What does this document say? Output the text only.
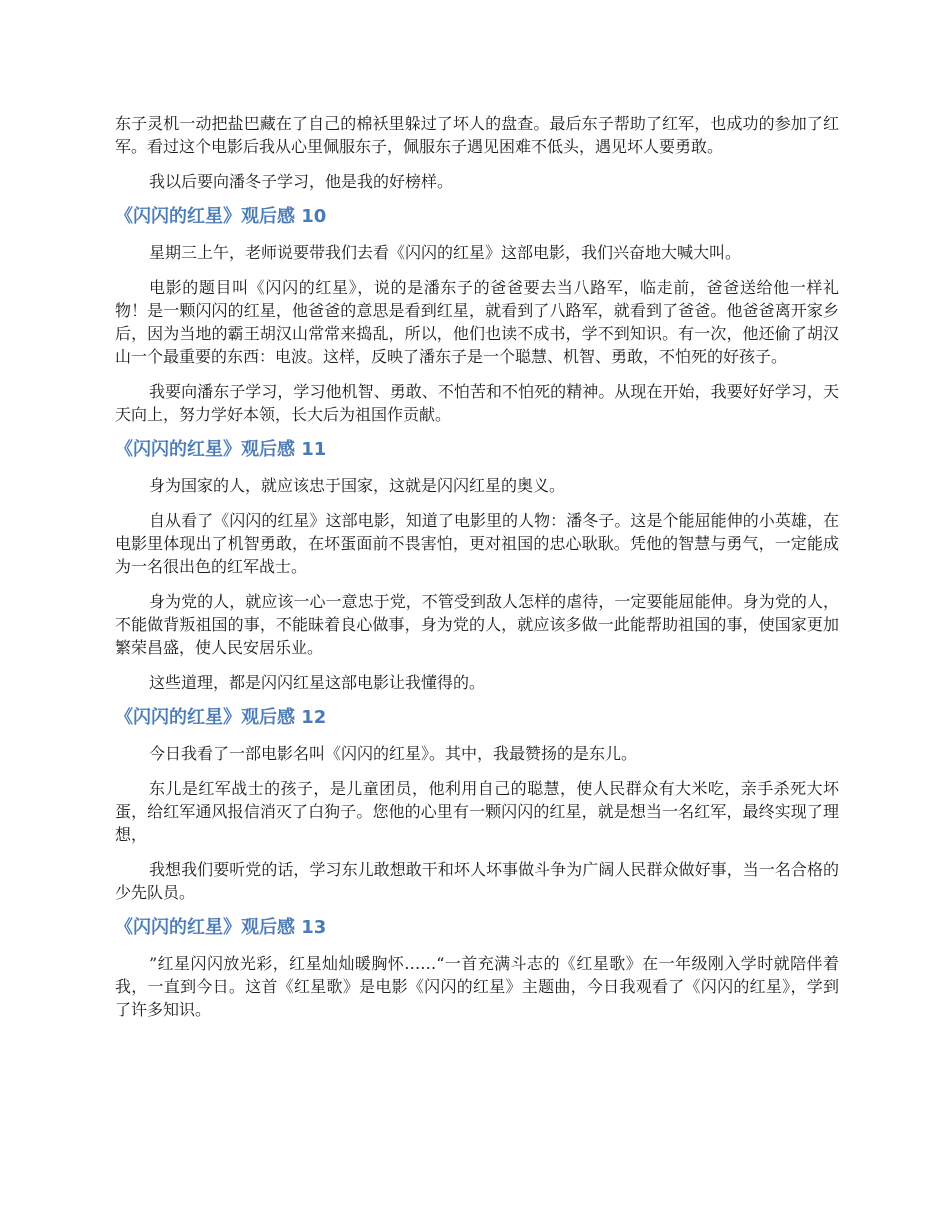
东子灵机一动把盐巴藏在了自己的棉袄里躲过了坏人的盘查。最后东子帮助了红军，也成功的参加了红军。看过这个电影后我从心里佩服东子，佩服东子遇见困难不低头，遇见坏人要勇敢。

我以后要向潘冬子学习，他是我的好榜样。

《闪闪的红星》观后感 10

星期三上午，老师说要带我们去看《闪闪的红星》这部电影，我们兴奋地大喊大叫。

电影的题目叫《闪闪的红星》，说的是潘东子的爸爸要去当八路军，临走前，爸爸送给他一样礼物！是一颗闪闪的红星，他爸爸的意思是看到红星，就看到了八路军，就看到了爸爸。他爸爸离开家乡后，因为当地的霸王胡汉山常常来捣乱，所以，他们也读不成书，学不到知识。有一次，他还偷了胡汉山一个最重要的东西：电波。这样，反映了潘东子是一个聪慧、机智、勇敢，不怕死的好孩子。

我要向潘东子学习，学习他机智、勇敢、不怕苦和不怕死的精神。从现在开始，我要好好学习，天天向上，努力学好本领，长大后为祖国作贡献。

《闪闪的红星》观后感 11

身为国家的人，就应该忠于国家，这就是闪闪红星的奥义。

自从看了《闪闪的红星》这部电影，知道了电影里的人物：潘冬子。这是个能屈能伸的小英雄，在电影里体现出了机智勇敢，在坏蛋面前不畏害怕，更对祖国的忠心耿耿。凭他的智慧与勇气，一定能成为一名很出色的红军战士。

身为党的人，就应该一心一意忠于党，不管受到敌人怎样的虐待，一定要能屈能伸。身为党的人，不能做背叛祖国的事，不能昧着良心做事，身为党的人，就应该多做一此能帮助祖国的事，使国家更加繁荣昌盛，使人民安居乐业。

这些道理，都是闪闪红星这部电影让我懂得的。

《闪闪的红星》观后感 12

今日我看了一部电影名叫《闪闪的红星》。其中，我最赞扬的是东儿。

东儿是红军战士的孩子，是儿童团员，他利用自己的聪慧，使人民群众有大米吃，亲手杀死大坏蛋，给红军通风报信消灭了白狗子。您他的心里有一颗闪闪的红星，就是想当一名红军，最终实现了理想，

我想我们要听党的话，学习东儿敢想敢干和坏人坏事做斗争为广阔人民群众做好事，当一名合格的少先队员。

《闪闪的红星》观后感 13

”红星闪闪放光彩，红星灿灿暖胸怀……“一首充满斗志的《红星歌》在一年级刚入学时就陪伴着我，一直到今日。这首《红星歌》是电影《闪闪的红星》主题曲，今日我观看了《闪闪的红星》，学到了许多知识。
